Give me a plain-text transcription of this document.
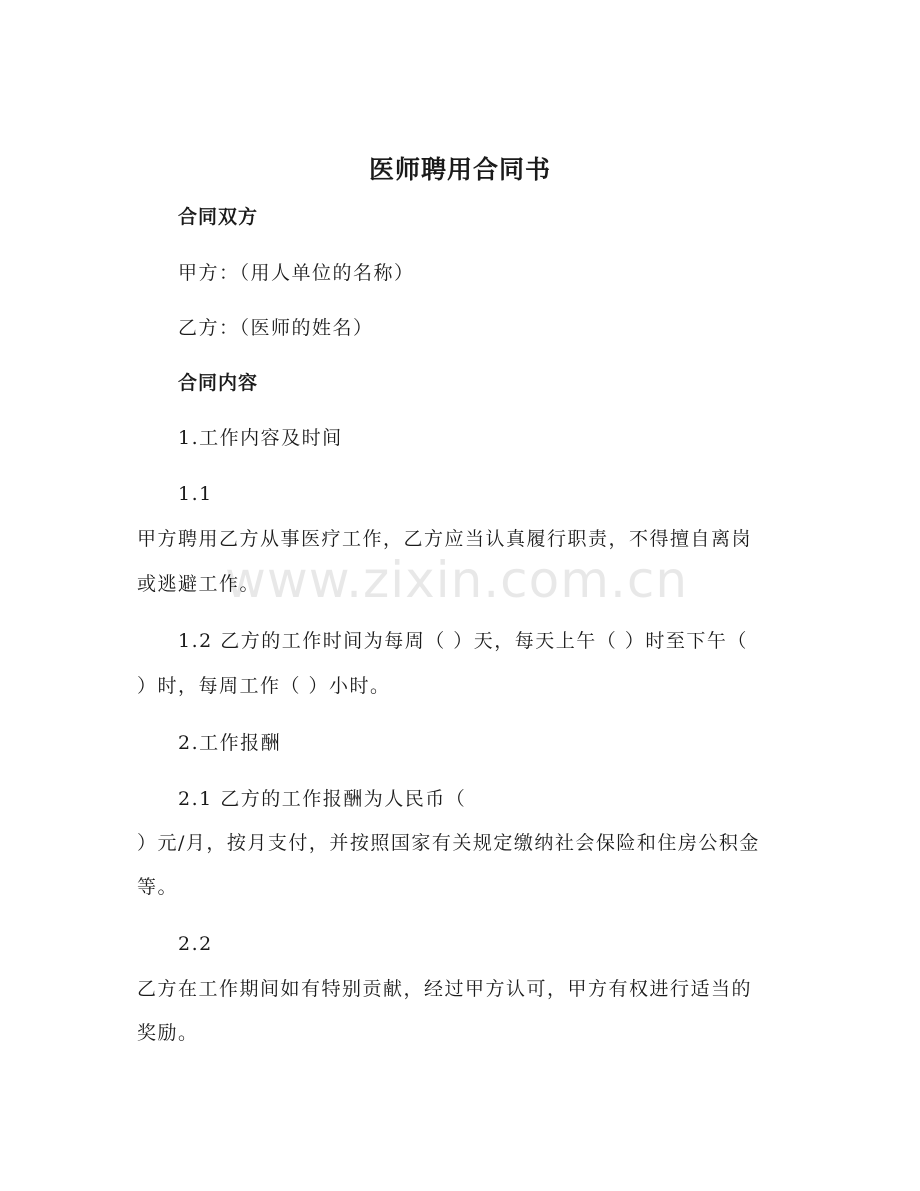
医师聘用合同书
合同双方
甲方：（用人单位的名称）
乙方：（医师的姓名）
合同内容
1.工作内容及时间
1.1
甲方聘用乙方从事医疗工作，乙方应当认真履行职责，不得擅自离岗
或逃避工作。
1.2 乙方的工作时间为每周（ ）天，每天上午（ ）时至下午（
）时，每周工作（ ）小时。
2.工作报酬
2.1 乙方的工作报酬为人民币（
）元/月，按月支付，并按照国家有关规定缴纳社会保险和住房公积金
等。
2.2
乙方在工作期间如有特别贡献，经过甲方认可，甲方有权进行适当的
奖励。
www.zixin.com.cn
